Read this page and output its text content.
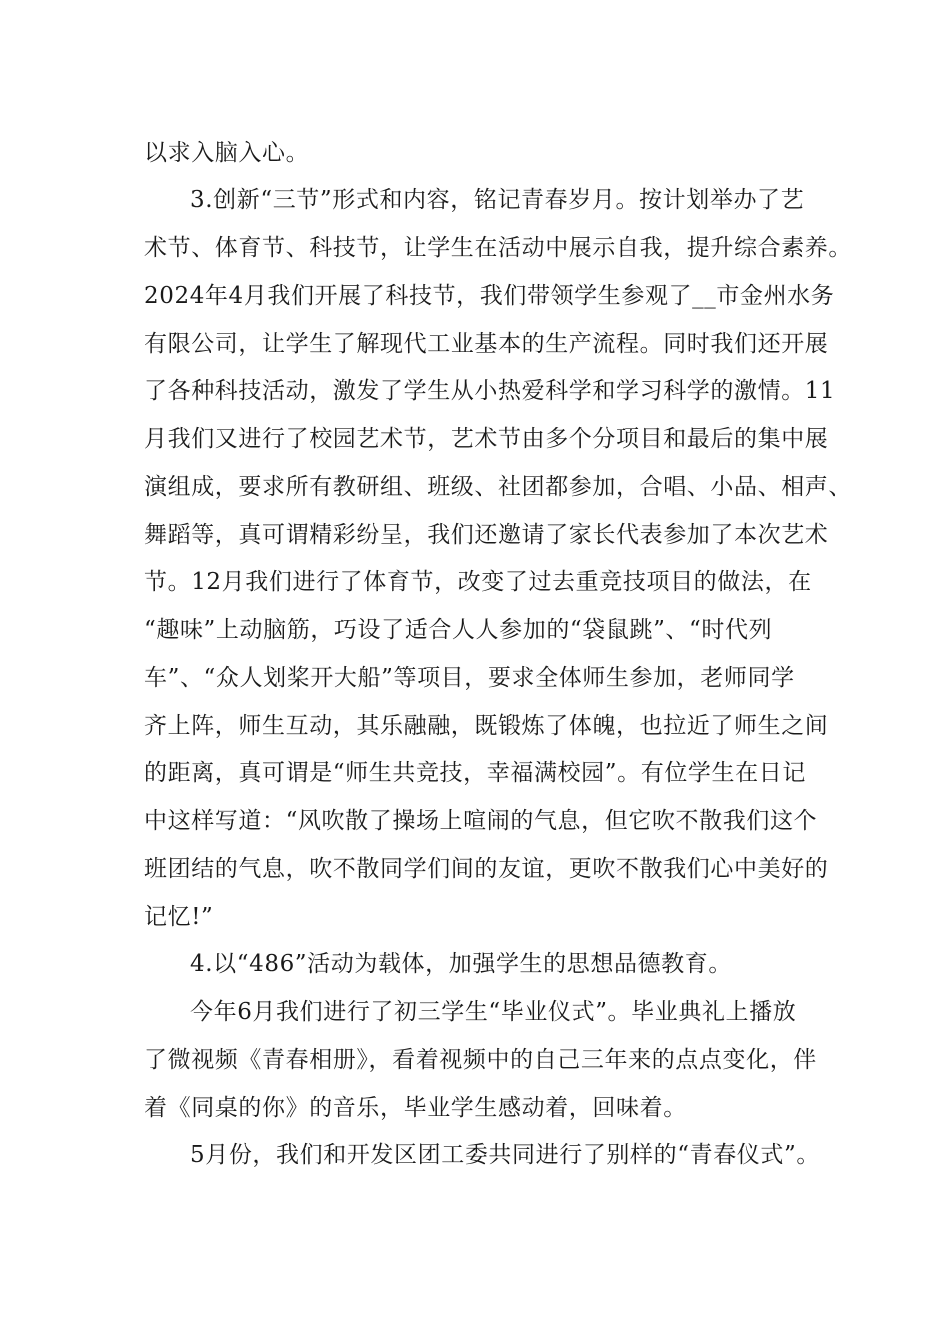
以求入脑入心。
3.创新“三节”形式和内容，铭记青春岁月。按计划举办了艺
术节、体育节、科技节，让学生在活动中展示自我，提升综合素养。
2024年4月我们开展了科技节，我们带领学生参观了__市金州水务
有限公司，让学生了解现代工业基本的生产流程。同时我们还开展
了各种科技活动，激发了学生从小热爱科学和学习科学的激情。11
月我们又进行了校园艺术节，艺术节由多个分项目和最后的集中展
演组成，要求所有教研组、班级、社团都参加，合唱、小品、相声、
舞蹈等，真可谓精彩纷呈，我们还邀请了家长代表参加了本次艺术
节。12月我们进行了体育节，改变了过去重竞技项目的做法，在
“趣味”上动脑筋，巧设了适合人人参加的“袋鼠跳”、“时代列
车”、“众人划桨开大船”等项目，要求全体师生参加，老师同学
齐上阵，师生互动，其乐融融，既锻炼了体魄，也拉近了师生之间
的距离，真可谓是“师生共竞技，幸福满校园”。有位学生在日记
中这样写道：“风吹散了操场上喧闹的气息，但它吹不散我们这个
班团结的气息，吹不散同学们间的友谊，更吹不散我们心中美好的
记忆!”
4.以“486”活动为载体，加强学生的思想品德教育。
今年6月我们进行了初三学生“毕业仪式”。毕业典礼上播放
了微视频《青春相册》，看着视频中的自己三年来的点点变化，伴
着《同桌的你》的音乐，毕业学生感动着，回味着。
5月份，我们和开发区团工委共同进行了别样的“青春仪式”。
